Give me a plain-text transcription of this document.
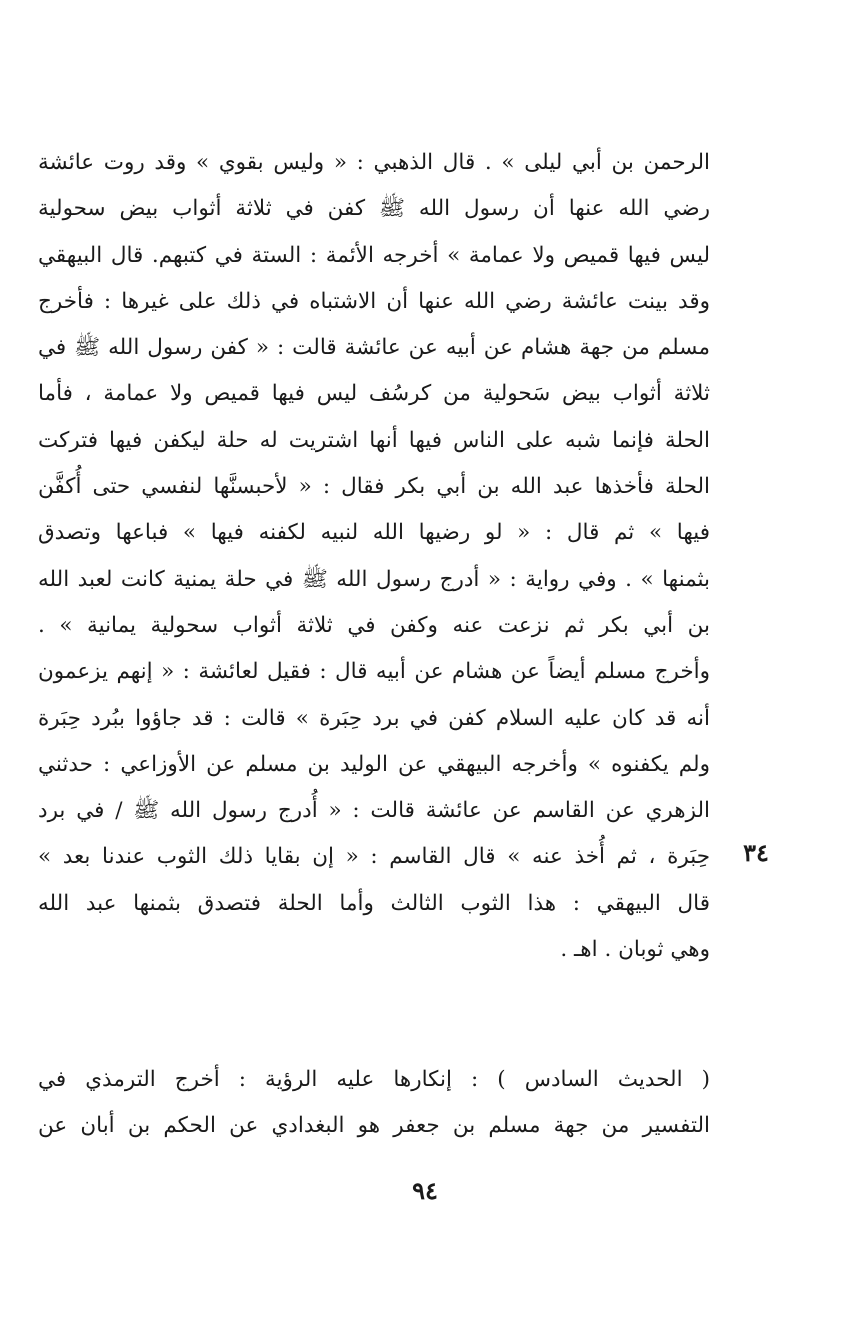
الرحمن بن أبي ليلى » . قال الذهبي : « وليس بقوي » وقد روت عائشة
رضي الله عنها أن رسول الله ﷺ كفن في ثلاثة أثواب بيض سحولية
ليس فيها قميص ولا عمامة » أخرجه الأئمة : الستة في كتبهم. قال البيهقي
وقد بينت عائشة رضي الله عنها أن الاشتباه في ذلك على غيرها : فأخرج
مسلم من جهة هشام عن أبيه عن عائشة قالت : « كفن رسول الله ﷺ في
ثلاثة أثواب بيض سَحولية من كرسُف ليس فيها قميص ولا عمامة ، فأما
الحلة فإنما شبه على الناس فيها أنها اشتريت له حلة ليكفن فيها فتركت
الحلة فأخذها عبد الله بن أبي بكر فقال : « لأحبسنَّها لنفسي حتى أُكفَّن
فيها » ثم قال : « لو رضيها الله لنبيه لكفنه فيها » فباعها وتصدق
بثمنها » . وفي رواية : « أدرج رسول الله ﷺ في حلة يمنية كانت لعبد الله
بن أبي بكر ثم نزعت عنه وكفن في ثلاثة أثواب سحولية يمانية » .
وأخرج مسلم أيضاً عن هشام عن أبيه قال : فقيل لعائشة : « إنهم يزعمون
أنه قد كان عليه السلام كفن في برد حِبَرة » قالت : قد جاؤوا ببُرد حِبَرة
ولم يكفنوه » وأخرجه البيهقي عن الوليد بن مسلم عن الأوزاعي : حدثني
الزهري عن القاسم عن عائشة قالت : « أُدرج رسول الله ﷺ / في برد
حِبَرة ، ثم أُخذ عنه » قال القاسم : « إن بقايا ذلك الثوب عندنا بعد »
قال البيهقي : هذا الثوب الثالث وأما الحلة فتصدق بثمنها عبد الله
وهي ثوبان . اهـ .
٣٤
( الحديث السادس ) : إنكارها عليه الرؤية : أخرج الترمذي في
التفسير من جهة مسلم بن جعفر هو البغدادي عن الحكم بن أبان عن
٩٤
